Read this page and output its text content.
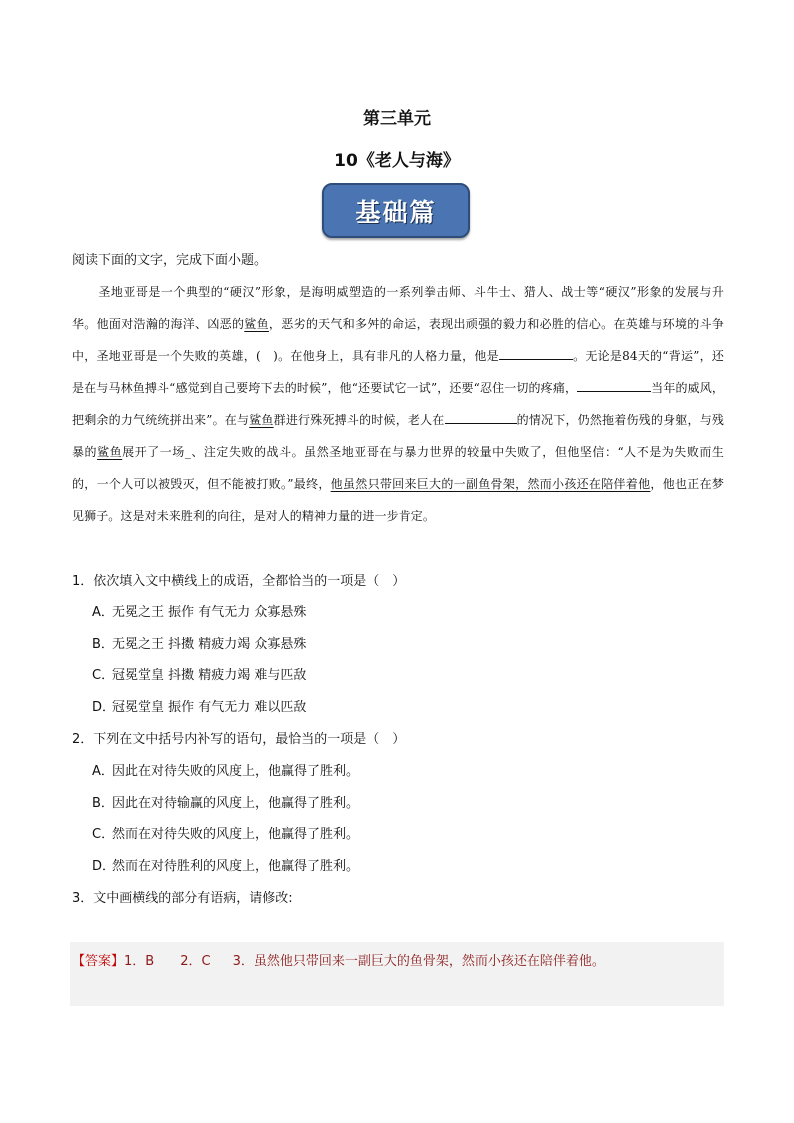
第三单元
10《老人与海》
基础篇
阅读下面的文字，完成下面小题。
圣地亚哥是一个典型的“硬汉”形象，是海明威塑造的一系列拳击师、斗牛士、猎人、战士等“硬汉”形象的发展与升华。他面对浩瀚的海洋、凶恶的鲨鱼，恶劣的天气和多舛的命运，表现出顽强的毅力和必胜的信心。在英雄与环境的斗争中，圣地亚哥是一个失败的英雄，(　)。在他身上，具有非凡的人格力量，他是	。无论是84天的“背运”，还是在与马林鱼搏斗“感觉到自己要垮下去的时候”，他“还要试它一试”，还要“忍住一切的疼痛，	当年的威风，把剩余的力气统统拼出来”。在与鲨鱼群进行殊死搏斗的时候，老人在	的情况下，仍然拖着伤残的身躯，与残暴的鲨鱼展开了一场_、注定失败的战斗。虽然圣地亚哥在与暴力世界的较量中失败了，但他坚信：“人不是为失败而生的，一个人可以被毁灭，但不能被打败。”最终，他虽然只带回来巨大的一副鱼骨架，然而小孩还在陪伴着他，他也正在梦见狮子。这是对未来胜利的向往，是对人的精神力量的进一步肯定。
1．依次填入文中横线上的成语，全都恰当的一项是（　）
A．无冕之王 振作 有气无力 众寡悬殊
B．无冕之王 抖擞 精疲力竭 众寡悬殊
C．冠冕堂皇 抖擞 精疲力竭 难与匹敌
D．冠冕堂皇 振作 有气无力 难以匹敌
2．下列在文中括号内补写的语句，最恰当的一项是（　）
A．因此在对待失败的风度上，他赢得了胜利。
B．因此在对待输赢的风度上，他赢得了胜利。
C．然而在对待失败的风度上，他赢得了胜利。
D．然而在对待胜利的风度上，他赢得了胜利。
3．文中画横线的部分有语病，请修改:
【答案】1．B 2．C 3．虽然他只带回来一副巨大的鱼骨架，然而小孩还在陪伴着他。
